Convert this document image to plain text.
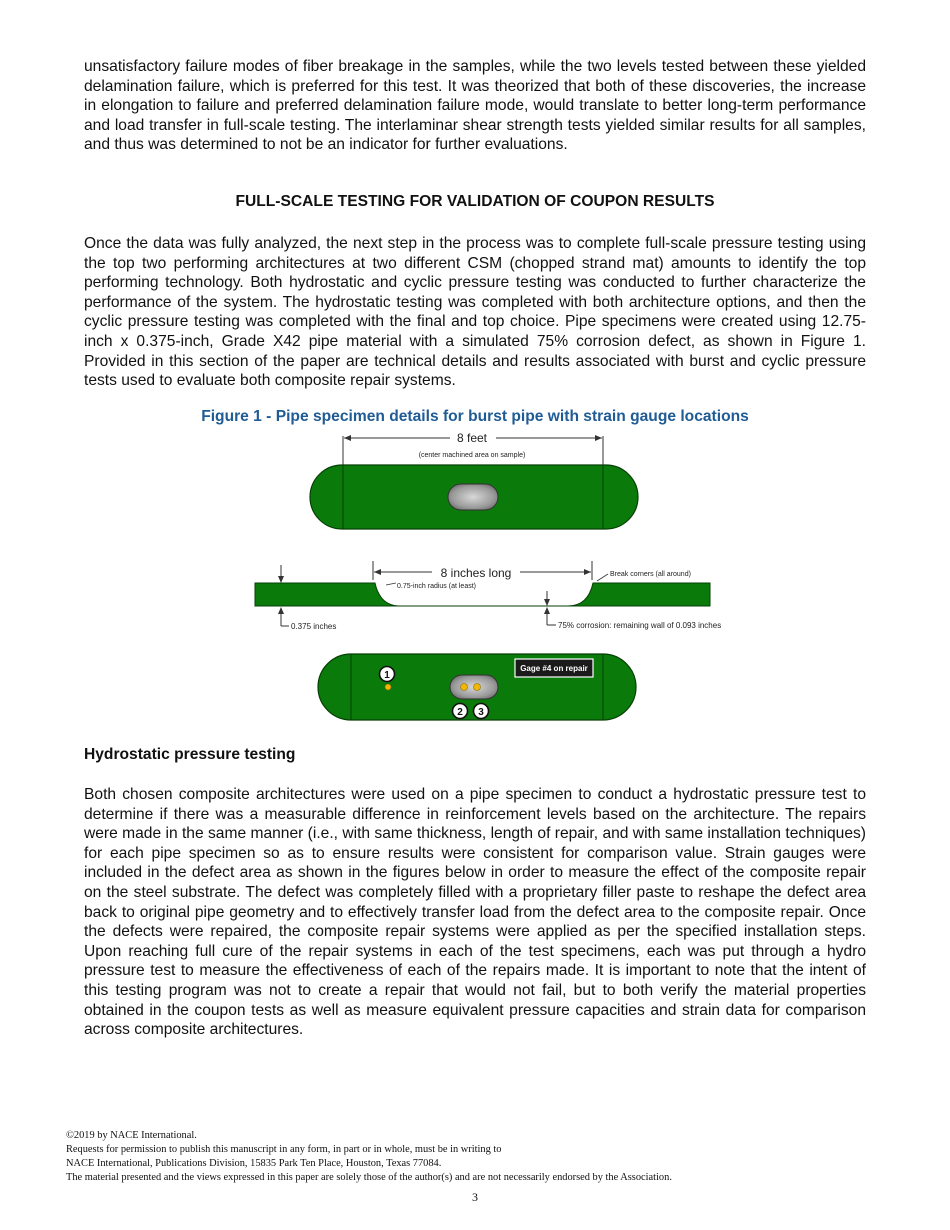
unsatisfactory failure modes of fiber breakage in the samples, while the two levels tested between these yielded delamination failure, which is preferred for this test. It was theorized that both of these discoveries, the increase in elongation to failure and preferred delamination failure mode, would translate to better long-term performance and load transfer in full-scale testing. The interlaminar shear strength tests yielded similar results for all samples, and thus was determined to not be an indicator for further evaluations.

FULL-SCALE TESTING FOR VALIDATION OF COUPON RESULTS

Once the data was fully analyzed, the next step in the process was to complete full-scale pressure testing using the top two performing architectures at two different CSM (chopped strand mat) amounts to identify the top performing technology. Both hydrostatic and cyclic pressure testing was conducted to further characterize the performance of the system. The hydrostatic testing was completed with both architecture options, and then the cyclic pressure testing was completed with the final and top choice. Pipe specimens were created using 12.75-inch x 0.375-inch, Grade X42 pipe material with a simulated 75% corrosion defect, as shown in Figure 1. Provided in this section of the paper are technical details and results associated with burst and cyclic pressure tests used to evaluate both composite repair systems.

Figure 1 - Pipe specimen details for burst pipe with strain gauge locations

8 feet
(center machined area on sample)
8 inches long
0.75-inch radius (at least)
Break corners (all around)
0.375 inches	75% corrosion: remaining wall of 0.093 inches
1
2 3
Gage #4 on repair

Hydrostatic pressure testing

Both chosen composite architectures were used on a pipe specimen to conduct a hydrostatic pressure test to determine if there was a measurable difference in reinforcement levels based on the architecture. The repairs were made in the same manner (i.e., with same thickness, length of repair, and with same installation techniques) for each pipe specimen so as to ensure results were consistent for comparison value. Strain gauges were included in the defect area as shown in the figures below in order to measure the effect of the composite repair on the steel substrate. The defect was completely filled with a proprietary filler paste to reshape the defect area back to original pipe geometry and to effectively transfer load from the defect area to the composite repair. Once the defects were repaired, the composite repair systems were applied as per the specified installation steps. Upon reaching full cure of the repair systems in each of the test specimens, each was put through a hydro pressure test to measure the effectiveness of each of the repairs made. It is important to note that the intent of this testing program was not to create a repair that would not fail, but to both verify the material properties obtained in the coupon tests as well as measure equivalent pressure capacities and strain data for comparison across composite architectures.

©2019 by NACE International.
Requests for permission to publish this manuscript in any form, in part or in whole, must be in writing to
NACE International, Publications Division, 15835 Park Ten Place, Houston, Texas 77084.
The material presented and the views expressed in this paper are solely those of the author(s) and are not necessarily endorsed by the Association.
3
